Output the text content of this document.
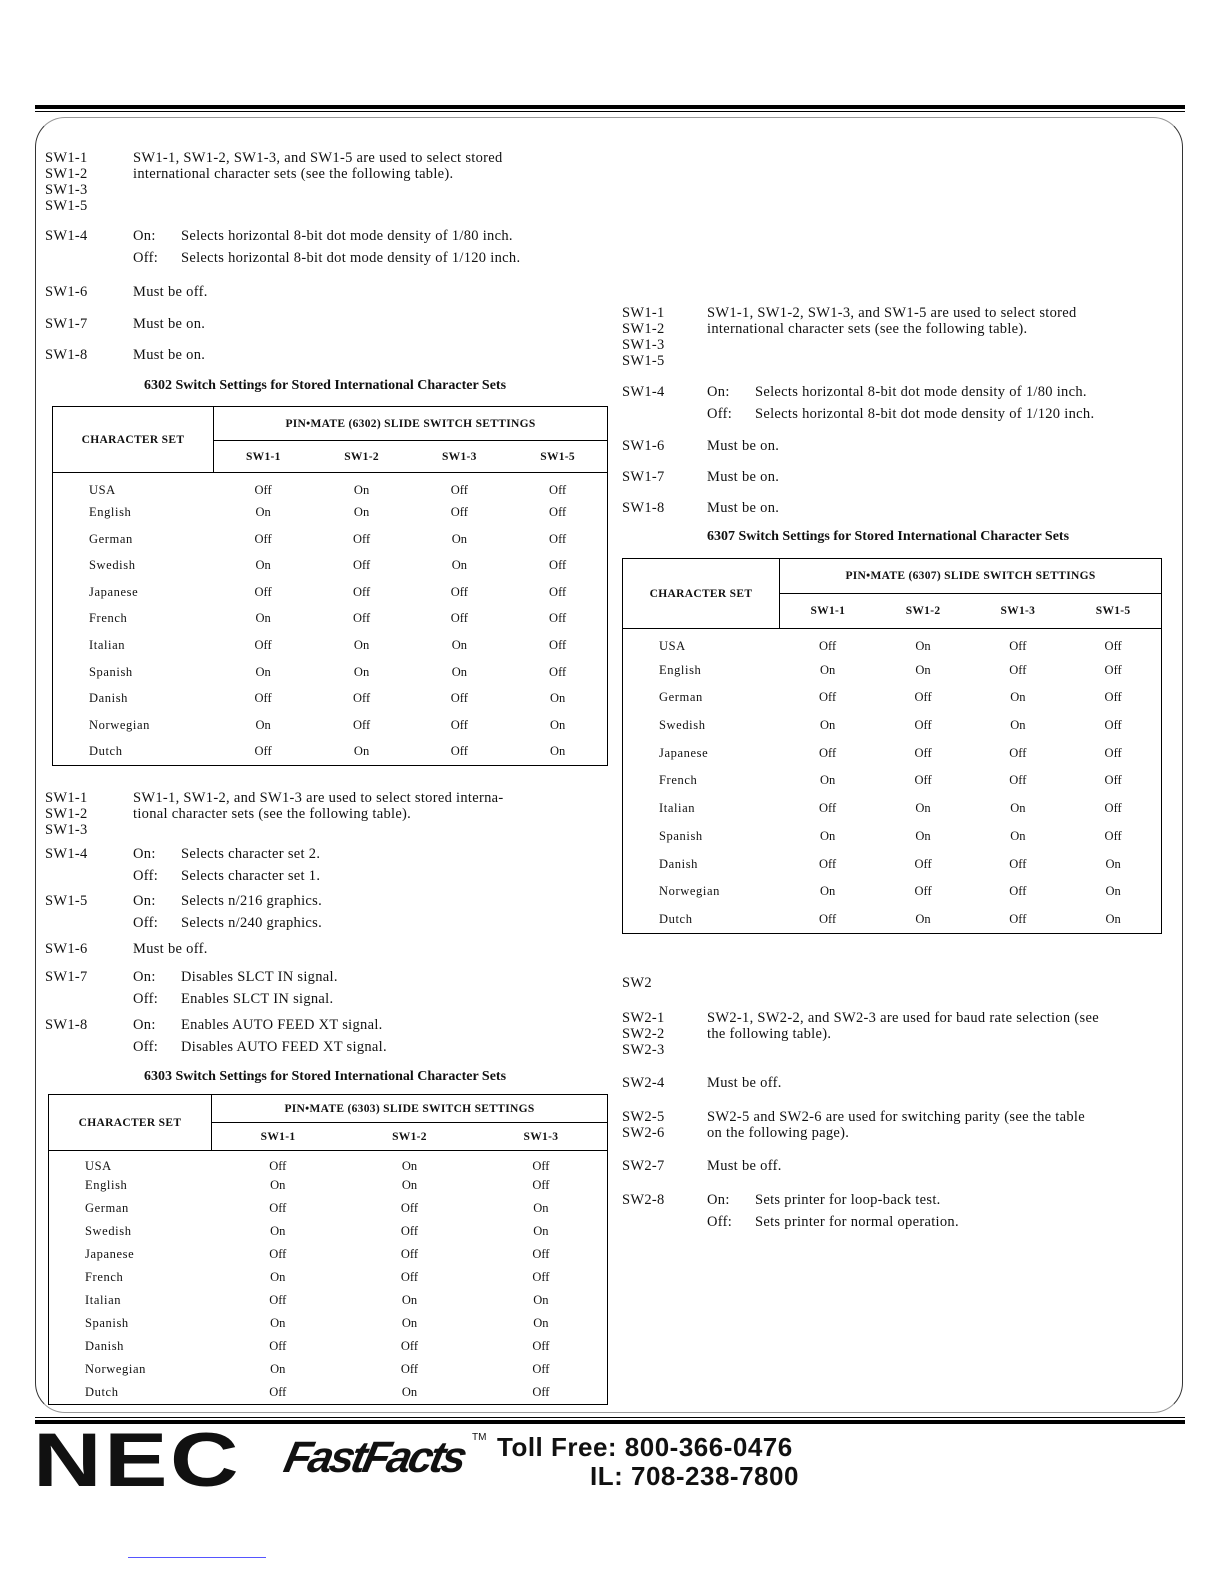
SW1-1
SW1-2
SW1-3
SW1-5
SW1-1, SW1-2, SW1-3, and SW1-5 are used to select stored
international character sets (see the following table).
SW1-4	On: Selects horizontal 8-bit dot mode density of 1/80 inch.
Off: Selects horizontal 8-bit dot mode density of 1/120 inch.
SW1-6	Must be off.
SW1-7	Must be on.
SW1-8	Must be on.
6302 Switch Settings for Stored International Character Sets
CHARACTER SET	PIN•MATE (6302) SLIDE SWITCH SETTINGS			
	SW1-1	SW1-2	SW1-3	SW1-5
USA	Off	On	Off	Off
English	On	On	Off	Off
German	Off	Off	On	Off
Swedish	On	Off	On	Off
Japanese	Off	Off	Off	Off
French	On	Off	Off	Off
Italian	Off	On	On	Off
Spanish	On	On	On	Off
Danish	Off	Off	Off	On
Norwegian	On	Off	Off	On
Dutch	Off	On	Off	On
SW1-1
SW1-2
SW1-3
SW1-1, SW1-2, and SW1-3 are used to select stored interna-
tional character sets (see the following table).
SW1-4	On: Selects character set 2.
Off: Selects character set 1.
SW1-5	On: Selects n/216 graphics.
Off: Selects n/240 graphics.
SW1-6	Must be off.
SW1-7	On: Disables SLCT IN signal.
Off: Enables SLCT IN signal.
SW1-8	On: Enables AUTO FEED XT signal.
Off: Disables AUTO FEED XT signal.
6303 Switch Settings for Stored International Character Sets
CHARACTER SET	PIN•MATE (6303) SLIDE SWITCH SETTINGS		
	SW1-1	SW1-2	SW1-3
USA	Off	On	Off
English	On	On	Off
German	Off	Off	On
Swedish	On	Off	On
Japanese	Off	Off	Off
French	On	Off	Off
Italian	Off	On	On
Spanish	On	On	On
Danish	Off	Off	Off
Norwegian	On	Off	Off
Dutch	Off	On	Off
SW1-1
SW1-2
SW1-3
SW1-5
SW1-1, SW1-2, SW1-3, and SW1-5 are used to select stored
international character sets (see the following table).
SW1-4	On: Selects horizontal 8-bit dot mode density of 1/80 inch.
Off: Selects horizontal 8-bit dot mode density of 1/120 inch.
SW1-6	Must be on.
SW1-7	Must be on.
SW1-8	Must be on.
6307 Switch Settings for Stored International Character Sets
CHARACTER SET	PIN•MATE (6307) SLIDE SWITCH SETTINGS			
	SW1-1	SW1-2	SW1-3	SW1-5
USA	Off	On	Off	Off
English	On	On	Off	Off
German	Off	Off	On	Off
Swedish	On	Off	On	Off
Japanese	Off	Off	Off	Off
French	On	Off	Off	Off
Italian	Off	On	On	Off
Spanish	On	On	On	Off
Danish	Off	Off	Off	On
Norwegian	On	Off	Off	On
Dutch	Off	On	Off	On
SW2
SW2-1
SW2-2
SW2-3
SW2-1, SW2-2, and SW2-3 are used for baud rate selection (see
the following table).
SW2-4	Must be off.
SW2-5
SW2-6
SW2-5 and SW2-6 are used for switching parity (see the table
on the following page).
SW2-7	Must be off.
SW2-8	On: Sets printer for loop-back test.
Off: Sets printer for normal operation.
NEC FastFacts TM Toll Free: 800-366-0476
IL: 708-238-7800
